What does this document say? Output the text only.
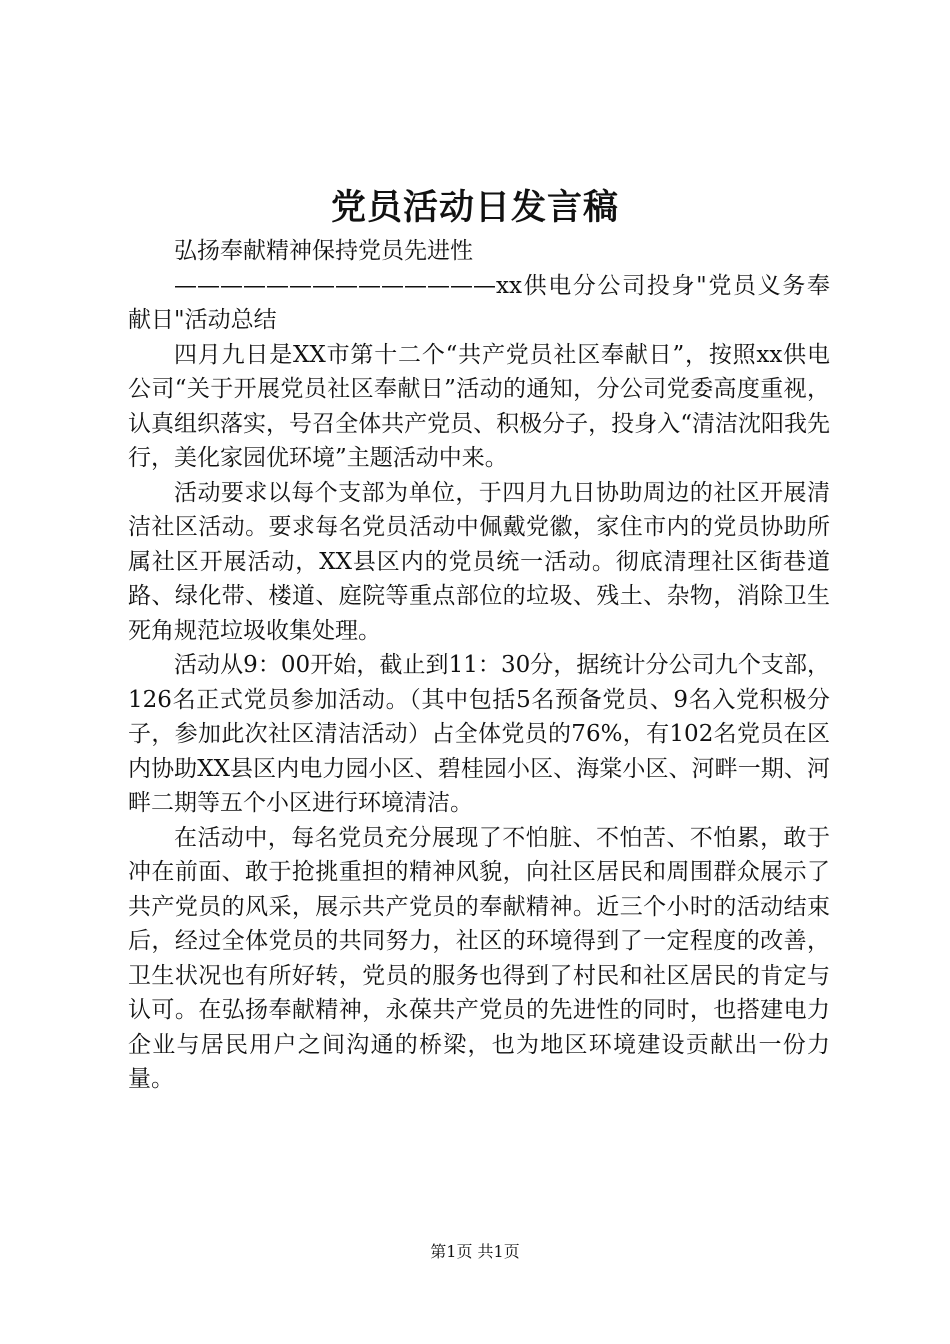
党员活动日发言稿

弘扬奉献精神保持党员先进性

——————————————xx供电分公司投身"党员义务奉献日"活动总结

四月九日是XX市第十二个“共产党员社区奉献日”，按照xx供电公司“关于开展党员社区奉献日”活动的通知，分公司党委高度重视，认真组织落实，号召全体共产党员、积极分子，投身入“清洁沈阳我先行，美化家园优环境”主题活动中来。

活动要求以每个支部为单位，于四月九日协助周边的社区开展清洁社区活动。要求每名党员活动中佩戴党徽，家住市内的党员协助所属社区开展活动，XX县区内的党员统一活动。彻底清理社区街巷道路、绿化带、楼道、庭院等重点部位的垃圾、残土、杂物，消除卫生死角规范垃圾收集处理。

活动从9：00开始，截止到11：30分，据统计分公司九个支部，126名正式党员参加活动。（其中包括5名预备党员、9名入党积极分子，参加此次社区清洁活动）占全体党员的76%，有102名党员在区内协助XX县区内电力园小区、碧桂园小区、海棠小区、河畔一期、河畔二期等五个小区进行环境清洁。

在活动中，每名党员充分展现了不怕脏、不怕苦、不怕累，敢于冲在前面、敢于抢挑重担的精神风貌，向社区居民和周围群众展示了共产党员的风采，展示共产党员的奉献精神。近三个小时的活动结束后，经过全体党员的共同努力，社区的环境得到了一定程度的改善，卫生状况也有所好转，党员的服务也得到了村民和社区居民的肯定与认可。在弘扬奉献精神，永葆共产党员的先进性的同时，也搭建电力企业与居民用户之间沟通的桥梁，也为地区环境建设贡献出一份力量。

第1页 共1页
